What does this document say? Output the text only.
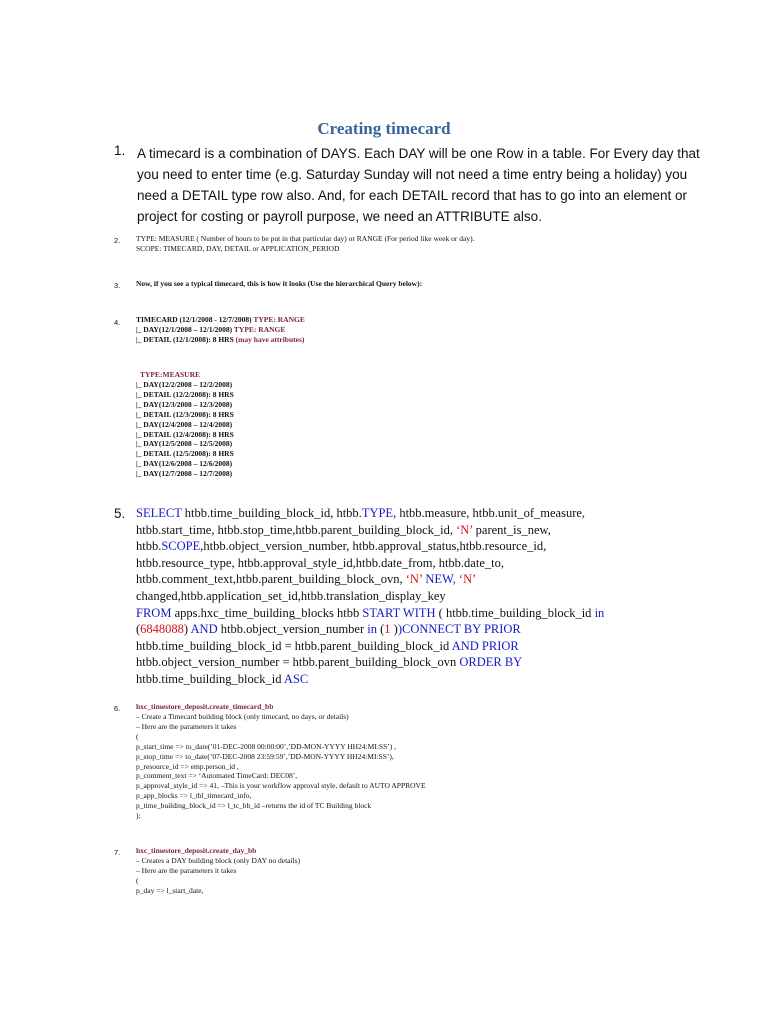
Creating timecard
1. A timecard is a combination of DAYS. Each DAY will be one Row in a table. For Every day that
you need to enter time (e.g. Saturday Sunday will not need a time entry being a holiday) you
need a DETAIL type row also. And, for each DETAIL record that has to go into an element or
project for costing or payroll purpose, we need an ATTRIBUTE also.
2. TYPE: MEASURE ( Number of hours to be put in that particular day) or RANGE (For period like week or day).
SCOPE: TIMECARD, DAY, DETAIL or APPLICATION_PERIOD
3. Now, if you see a typical timecard, this is how it looks (Use the hierarchical Query below):
4. TIMECARD (12/1/2008 - 12/7/2008) TYPE: RANGE
|_ DAY(12/1/2008 – 12/1/2008) TYPE: RANGE
|_ DETAIL (12/1/2008): 8 HRS (may have attributes)
TYPE:MEASURE
|_ DAY(12/2/2008 – 12/2/2008)
|_ DETAIL (12/2/2008): 8 HRS
|_ DAY(12/3/2008 – 12/3/2008)
|_ DETAIL (12/3/2008): 8 HRS
|_ DAY(12/4/2008 – 12/4/2008)
|_ DETAIL (12/4/2008): 8 HRS
|_ DAY(12/5/2008 – 12/5/2008)
|_ DETAIL (12/5/2008): 8 HRS
|_ DAY(12/6/2008 – 12/6/2008)
|_ DAY(12/7/2008 – 12/7/2008)
5. SELECT htbb.time_building_block_id, htbb.TYPE, htbb.measure, htbb.unit_of_measure,
htbb.start_time, htbb.stop_time,htbb.parent_building_block_id, ‘N’ parent_is_new,
htbb.SCOPE,htbb.object_version_number, htbb.approval_status,htbb.resource_id,
htbb.resource_type, htbb.approval_style_id,htbb.date_from, htbb.date_to,
htbb.comment_text,htbb.parent_building_block_ovn, ‘N’ NEW, ‘N’
changed,htbb.application_set_id,htbb.translation_display_key
FROM apps.hxc_time_building_blocks htbb START WITH ( htbb.time_building_block_id in
(6848088) AND htbb.object_version_number in (1 ))CONNECT BY PRIOR
htbb.time_building_block_id = htbb.parent_building_block_id AND PRIOR
htbb.object_version_number = htbb.parent_building_block_ovn ORDER BY
htbb.time_building_block_id ASC
6. hxc_timestore_deposit.create_timecard_bb
– Create a Timecard building block (only timecard, no days, or details)
– Here are the parameters it takes
(
p_start_time => to_date(’01-DEC-2008 00:00:00’,’DD-MON-YYYY HH24:MI:SS’) ,
p_stop_time => to_date(’07-DEC-2008 23:59:59’,’DD-MON-YYYY HH24:MI:SS’),
p_resource_id => emp.person_id ,
p_comment_text => ‘Automated TimeCard: DEC08’,
p_approval_style_id => 41, –This is your workflow approval style, default to AUTO APPROVE
p_app_blocks => l_tbl_timecard_info,
p_time_building_block_id => l_tc_bb_id –returns the id of TC Building block
);
7. hxc_timestore_deposit.create_day_bb
– Creates a DAY building block (only DAY no details)
– Here are the parameters it takes
(
p_day => l_start_date,
